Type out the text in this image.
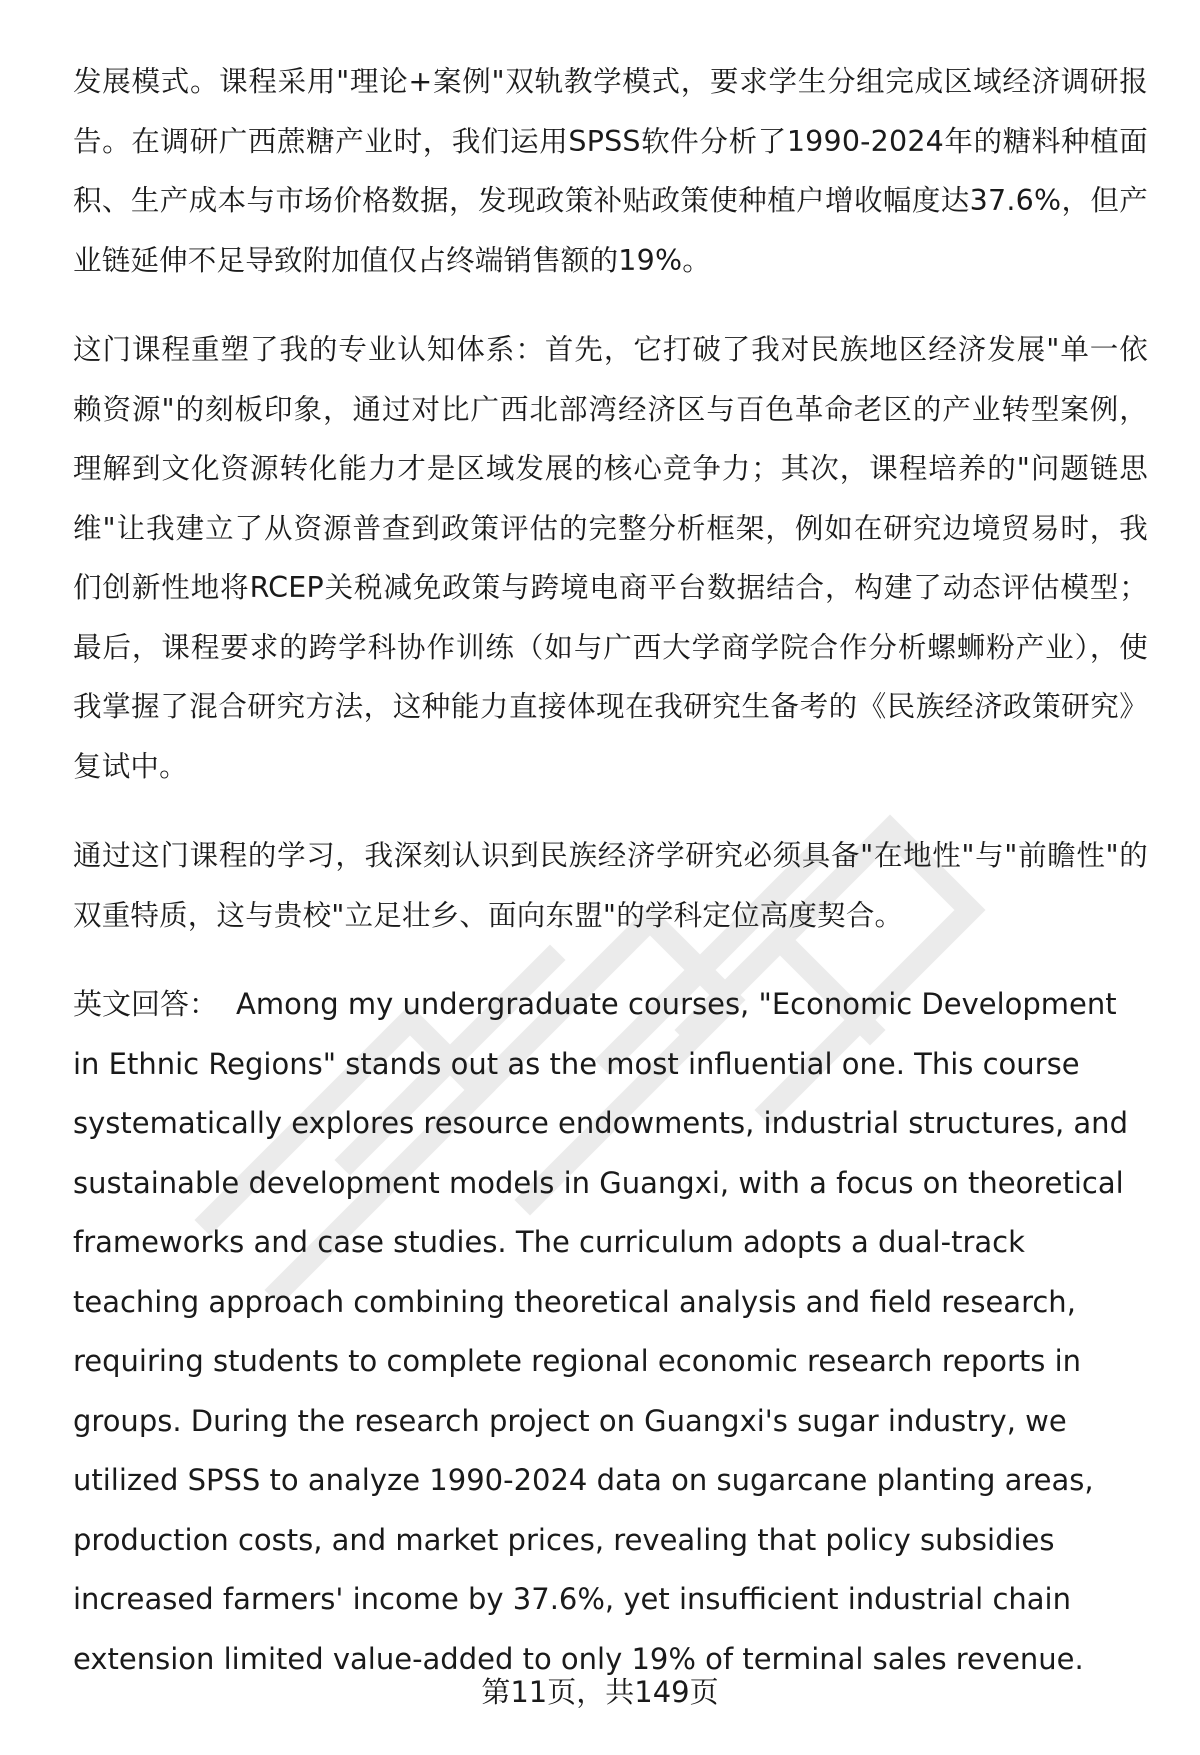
发展模式。课程采用"理论+案例"双轨教学模式，要求学生分组完成区域经济调研报告。在调研广西蔗糖产业时，我们运用SPSS软件分析了1990-2024年的糖料种植面积、生产成本与市场价格数据，发现政策补贴政策使种植户增收幅度达37.6%，但产业链延伸不足导致附加值仅占终端销售额的19%。

这门课程重塑了我的专业认知体系：首先，它打破了我对民族地区经济发展"单一依赖资源"的刻板印象，通过对比广西北部湾经济区与百色革命老区的产业转型案例，理解到文化资源转化能力才是区域发展的核心竞争力；其次，课程培养的"问题链思维"让我建立了从资源普查到政策评估的完整分析框架，例如在研究边境贸易时，我们创新性地将RCEP关税减免政策与跨境电商平台数据结合，构建了动态评估模型；最后，课程要求的跨学科协作训练（如与广西大学商学院合作分析螺蛳粉产业），使我掌握了混合研究方法，这种能力直接体现在我研究生备考的《民族经济政策研究》复试中。

通过这门课程的学习，我深刻认识到民族经济学研究必须具备"在地性"与"前瞻性"的双重特质，这与贵校"立足壮乡、面向东盟"的学科定位高度契合。

英文回答： Among my undergraduate courses, "Economic Development in Ethnic Regions" stands out as the most influential one. This course systematically explores resource endowments, industrial structures, and sustainable development models in Guangxi, with a focus on theoretical frameworks and case studies. The curriculum adopts a dual-track teaching approach combining theoretical analysis and field research, requiring students to complete regional economic research reports in groups. During the research project on Guangxi's sugar industry, we utilized SPSS to analyze 1990-2024 data on sugarcane planting areas, production costs, and market prices, revealing that policy subsidies increased farmers' income by 37.6%, yet insufficient industrial chain extension limited value-added to only 19% of terminal sales revenue.

第11页，共149页
